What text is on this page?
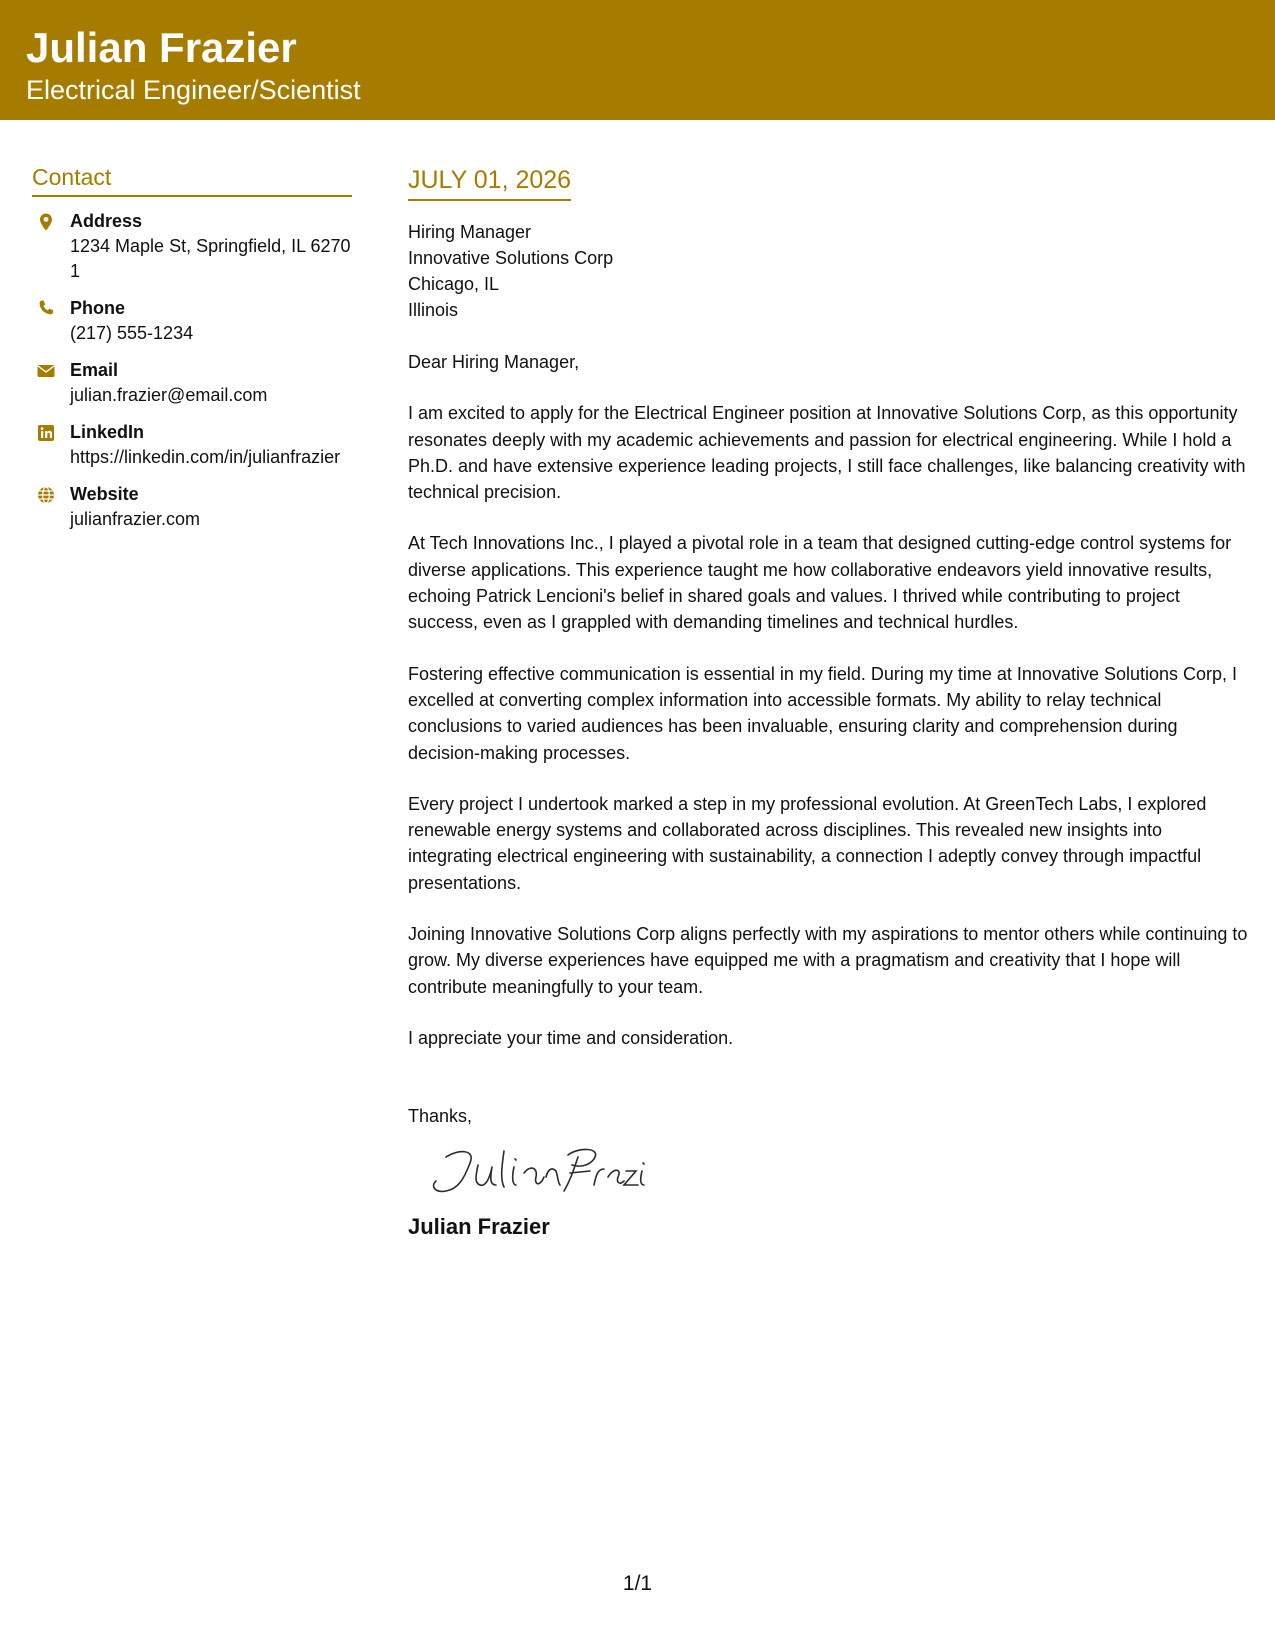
Julian Frazier
Electrical Engineer/Scientist
Contact
Address
1234 Maple St, Springfield, IL 62701
Phone
(217) 555-1234
Email
julian.frazier@email.com
LinkedIn
https://linkedin.com/in/julianfrazier
Website
julianfrazier.com
JULY 01, 2026
Hiring Manager
Innovative Solutions Corp
Chicago, IL
Illinois

Dear Hiring Manager,

I am excited to apply for the Electrical Engineer position at Innovative Solutions Corp, as this opportunity resonates deeply with my academic achievements and passion for electrical engineering. While I hold a Ph.D. and have extensive experience leading projects, I still face challenges, like balancing creativity with technical precision.

At Tech Innovations Inc., I played a pivotal role in a team that designed cutting-edge control systems for diverse applications. This experience taught me how collaborative endeavors yield innovative results, echoing Patrick Lencioni's belief in shared goals and values. I thrived while contributing to project success, even as I grappled with demanding timelines and technical hurdles.

Fostering effective communication is essential in my field. During my time at Innovative Solutions Corp, I excelled at converting complex information into accessible formats. My ability to relay technical conclusions to varied audiences has been invaluable, ensuring clarity and comprehension during decision-making processes.

Every project I undertook marked a step in my professional evolution. At GreenTech Labs, I explored renewable energy systems and collaborated across disciplines. This revealed new insights into integrating electrical engineering with sustainability, a connection I adeptly convey through impactful presentations.

Joining Innovative Solutions Corp aligns perfectly with my aspirations to mentor others while continuing to grow. My diverse experiences have equipped me with a pragmatism and creativity that I hope will contribute meaningfully to your team.

I appreciate your time and consideration.

Thanks,
Julian Frazier
1/1
